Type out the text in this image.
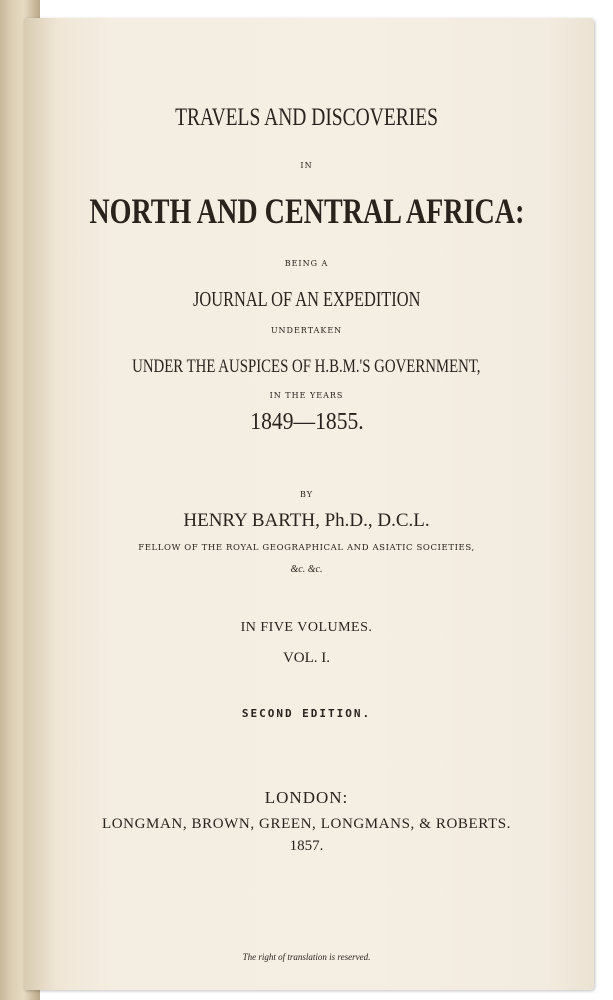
TRAVELS AND DISCOVERIES
IN
NORTH AND CENTRAL AFRICA:
BEING A
JOURNAL OF AN EXPEDITION
UNDERTAKEN
UNDER THE AUSPICES OF H.B.M.'S GOVERNMENT,
IN THE YEARS
1849—1855.
BY
HENRY BARTH, Ph.D., D.C.L.
FELLOW OF THE ROYAL GEOGRAPHICAL AND ASIATIC SOCIETIES,
&c. &c.
IN FIVE VOLUMES.
VOL. I.
SECOND EDITION.
LONDON:
LONGMAN, BROWN, GREEN, LONGMANS, & ROBERTS.
1857.
The right of translation is reserved.
